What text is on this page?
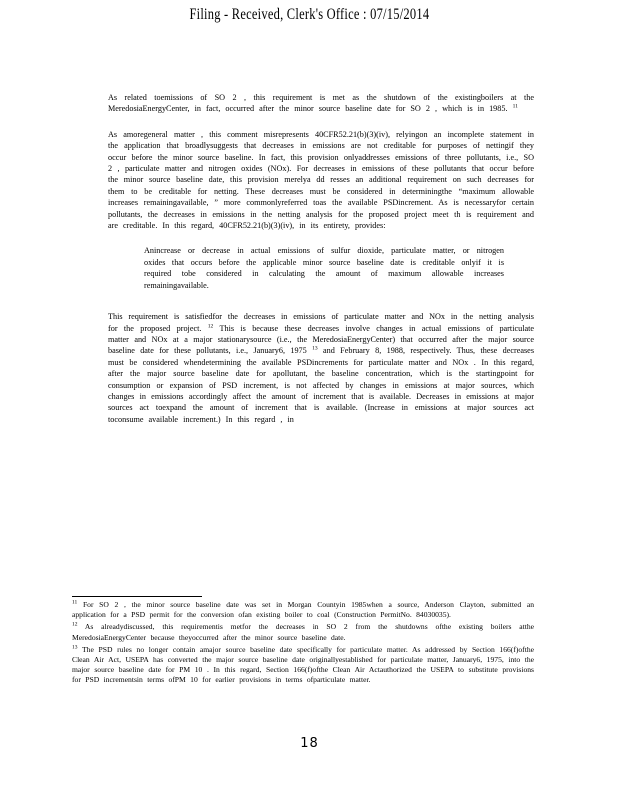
Filing - Received, Clerk's Office : 07/15/2014

As related toemissions of SO 2 , this requirement is met as the shutdown of the existingboilers at the MeredosiaEnergyCenter, in fact, occurred after the minor source baseline date for SO 2 , which is in 1985. $^{11}$

As amoregeneral matter , this comment misrepresents 40CFR52.21(b)(3)(iv), relyingon an incomplete statement in the application that broadlysuggests that decreases in emissions are not creditable for purposes of nettingif they occur before the minor source baseline. In fact, this provision onlyaddresses emissions of three pollutants, i.e., SO 2 , particulate matter and nitrogen oxides (NOx). For decreases in emissions of these pollutants that occur before the minor source baseline date, this provision merelya dd resses an additional requirement on such decreases for them to be creditable for netting. These decreases must be considered in determiningthe “maximum allowable increases remainingavailable, ” more commonlyreferred toas the available PSDincrement. As is necessaryfor certain pollutants, the decreases in emissions in the netting analysis for the proposed project meet th is requirement and are creditable. In this regard, 40CFR52.21(b)(3)(iv), in its entirety, provides:

Anincrease or decrease in actual emissions of sulfur dioxide, particulate matter, or nitrogen oxides that occurs before the applicable minor source baseline date is creditable onlyif it is required tobe considered in calculating the amount of maximum allowable increases remainingavailable.

This requirement is satisfiedfor the decreases in emissions of particulate matter and NOx in the netting analysis for the proposed project. $^{12}$ This is because these decreases involve changes in actual emissions of particulate matter and NOx at a major stationarysource (i.e., the MeredosiaEnergyCenter) that occurred after the major source baseline date for these pollutants, i.e., January6, 1975 $^{13}$ and February 8, 1988, respectively. Thus, these decreases must be considered whendetermining the available PSDincrements for particulate matter and NOx . In this regard, after the major source baseline date for apollutant, the baseline concentration, which is the startingpoint for consumption or expansion of PSD increment, is not affected by changes in emissions at major sources, which changes in emissions accordingly affect the amount of increment that is available. Decreases in emissions at major sources act toexpand the amount of increment that is available. (Increase in emissions at major sources act toconsume available increment.) In this regard , in

$^{11}$ For SO 2 , the minor source baseline date was set in Morgan Countyin 1985when a source, Anderson Clayton, submitted an application for a PSD permit for the conversion ofan existing boiler to coal (Construction PermitNo. 84030035).

$^{12}$ As alreadydiscussed, this requirementis metfor the decreases in SO 2 from the shutdowns ofthe existing boilers atthe MeredosiaEnergyCenter because theyoccurred after the minor source baseline date.

$^{13}$ The PSD rules no longer contain amajor source baseline date specifically for particulate matter. As addressed by Section 166(f)ofthe Clean Air Act, USEPA has converted the major source baseline date originallyestablished for particulate matter, January6, 1975, into the major source baseline date for PM 10 . In this regard, Section 166(f)ofthe Clean Air Actauthorized the USEPA to substitute provisions for PSD incrementsin terms ofPM 10 for earlier provisions in terms ofparticulate matter.

18
